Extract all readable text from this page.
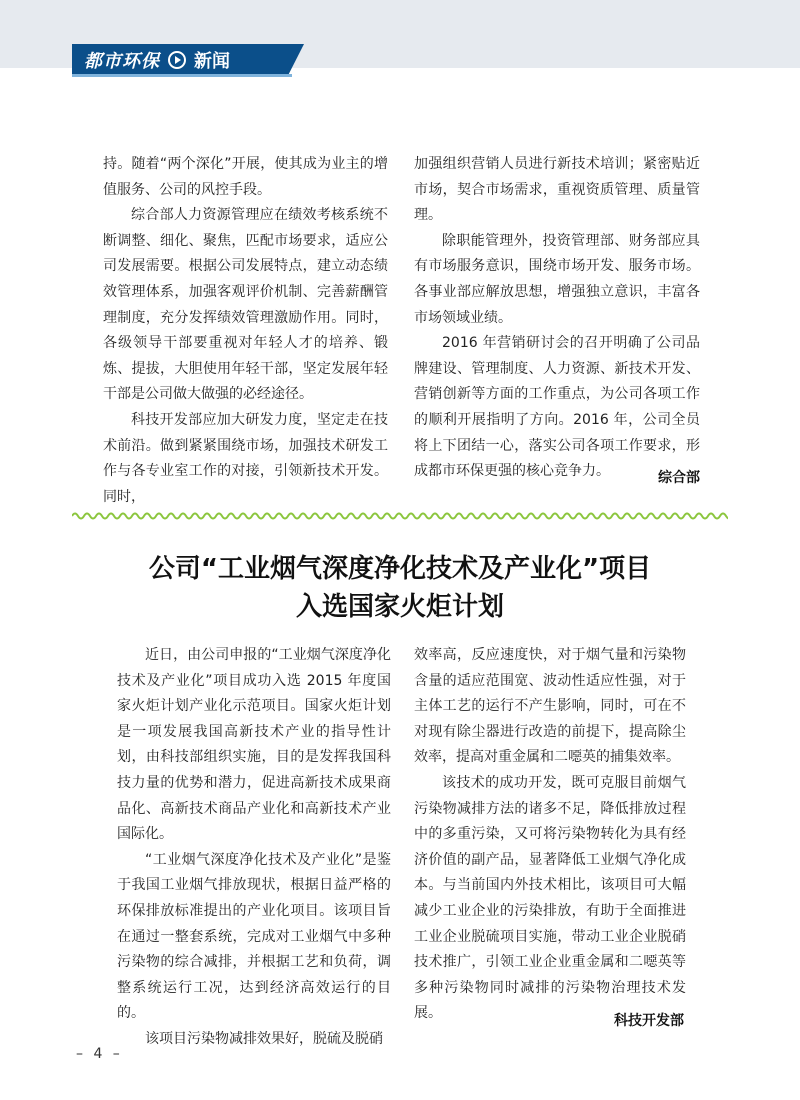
都市环保 新闻

持。随着“两个深化”开展，使其成为业主的增值服务、公司的风控手段。

综合部人力资源管理应在绩效考核系统不断调整、细化、聚焦，匹配市场要求，适应公司发展需要。根据公司发展特点，建立动态绩效管理体系，加强客观评价机制、完善薪酬管理制度，充分发挥绩效管理激励作用。同时，各级领导干部要重视对年轻人才的培养、锻炼、提拔，大胆使用年轻干部，坚定发展年轻干部是公司做大做强的必经途径。

科技开发部应加大研发力度，坚定走在技术前沿。做到紧紧围绕市场，加强技术研发工作与各专业室工作的对接，引领新技术开发。同时，

加强组织营销人员进行新技术培训；紧密贴近市场，契合市场需求，重视资质管理、质量管理。

除职能管理外，投资管理部、财务部应具有市场服务意识，围绕市场开发、服务市场。各事业部应解放思想，增强独立意识，丰富各市场领域业绩。

2016 年营销研讨会的召开明确了公司品牌建设、管理制度、人力资源、新技术开发、营销创新等方面的工作重点，为公司各项工作的顺利开展指明了方向。2016 年，公司全员将上下团结一心，落实公司各项工作要求，形成都市环保更强的核心竞争力。	综合部
公司“工业烟气深度净化技术及产业化”项目
入选国家火炬计划

近日，由公司申报的“工业烟气深度净化技术及产业化”项目成功入选 2015 年度国家火炬计划产业化示范项目。国家火炬计划是一项发展我国高新技术产业的指导性计划，由科技部组织实施，目的是发挥我国科技力量的优势和潜力，促进高新技术成果商品化、高新技术商品产业化和高新技术产业国际化。

“工业烟气深度净化技术及产业化”是鉴于我国工业烟气排放现状，根据日益严格的环保排放标准提出的产业化项目。该项目旨在通过一整套系统，完成对工业烟气中多种污染物的综合减排，并根据工艺和负荷，调整系统运行工况，达到经济高效运行的目的。

该项目污染物减排效果好，脱硫及脱硝

效率高，反应速度快，对于烟气量和污染物含量的适应范围宽、波动性适应性强，对于主体工艺的运行不产生影响，同时，可在不对现有除尘器进行改造的前提下，提高除尘效率，提高对重金属和二噁英的捕集效率。

该技术的成功开发，既可克服目前烟气污染物减排方法的诸多不足，降低排放过程中的多重污染，又可将污染物转化为具有经济价值的副产品，显著降低工业烟气净化成本。与当前国内外技术相比，该项目可大幅减少工业企业的污染排放，有助于全面推进工业企业脱硫项目实施，带动工业企业脱硝技术推广，引领工业企业重金属和二噁英等多种污染物同时减排的污染物治理技术发展。	科技开发部
– 4 –
